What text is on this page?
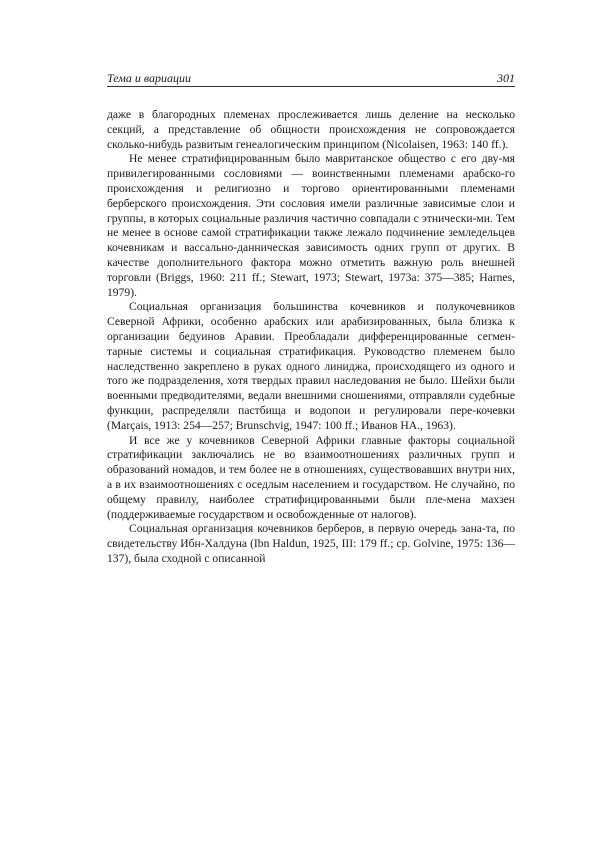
Тема и вариации	301

даже в благородных племенах прослеживается лишь деление на несколько секций, а представление об общности происхождения не сопровождается сколько-нибудь развитым генеалогическим принципом (Nicolaisen, 1963: 140 ff.).

Не менее стратифицированным было мавританское общество с его дву-мя привилегированными сословиями — воинственными племенами арабско-го происхождения и религиозно и торгово ориентированными племенами берберского происхождения. Эти сословия имели различные зависимые слои и группы, в которых социальные различия частично совпадали с этнически-ми. Тем не менее в основе самой стратификации также лежало подчинение земледельцев кочевникам и вассально-данническая зависимость одних групп от других. В качестве дополнительного фактора можно отметить важную роль внешней торговли (Briggs, 1960: 211 ff.; Stewart, 1973; Stewart, 1973a: 375—385; Harnes, 1979).

Социальная организация большинства кочевников и полукочевников Северной Африки, особенно арабских или арабизированных, была близка к организации бедуинов Аравии. Преобладали дифференцированные сегмен-тарные системы и социальная стратификация. Руководство племенем было наследственно закреплено в руках одного линиджа, происходящего из одного и того же подразделения, хотя твердых правил наследования не было. Шейхи были военными предводителями, ведали внешними сношениями, отправляли судебные функции, распределяли пастбища и водопои и регулировали пере-кочевки (Marçais, 1913: 254—257; Brunschvig, 1947: 100 ff.; Иванов НА., 1963).

И все же у кочевников Северной Африки главные факторы социальной стратификации заключались не во взаимоотношениях различных групп и образований номадов, и тем более не в отношениях, существовавших внутри них, а в их взаимоотношениях с оседлым населением и государством. Не случайно, по общему правилу, наиболее стратифицированными были пле-мена махзен (поддерживаемые государством и освобожденные от налогов).

Социальная организация кочевников берберов, в первую очередь зана-та, по свидетельству Ибн-Халдуна (Ibn Haldun, 1925, III: 179 ff.; ср. Golvine, 1975: 136—137), была сходной с описанной
